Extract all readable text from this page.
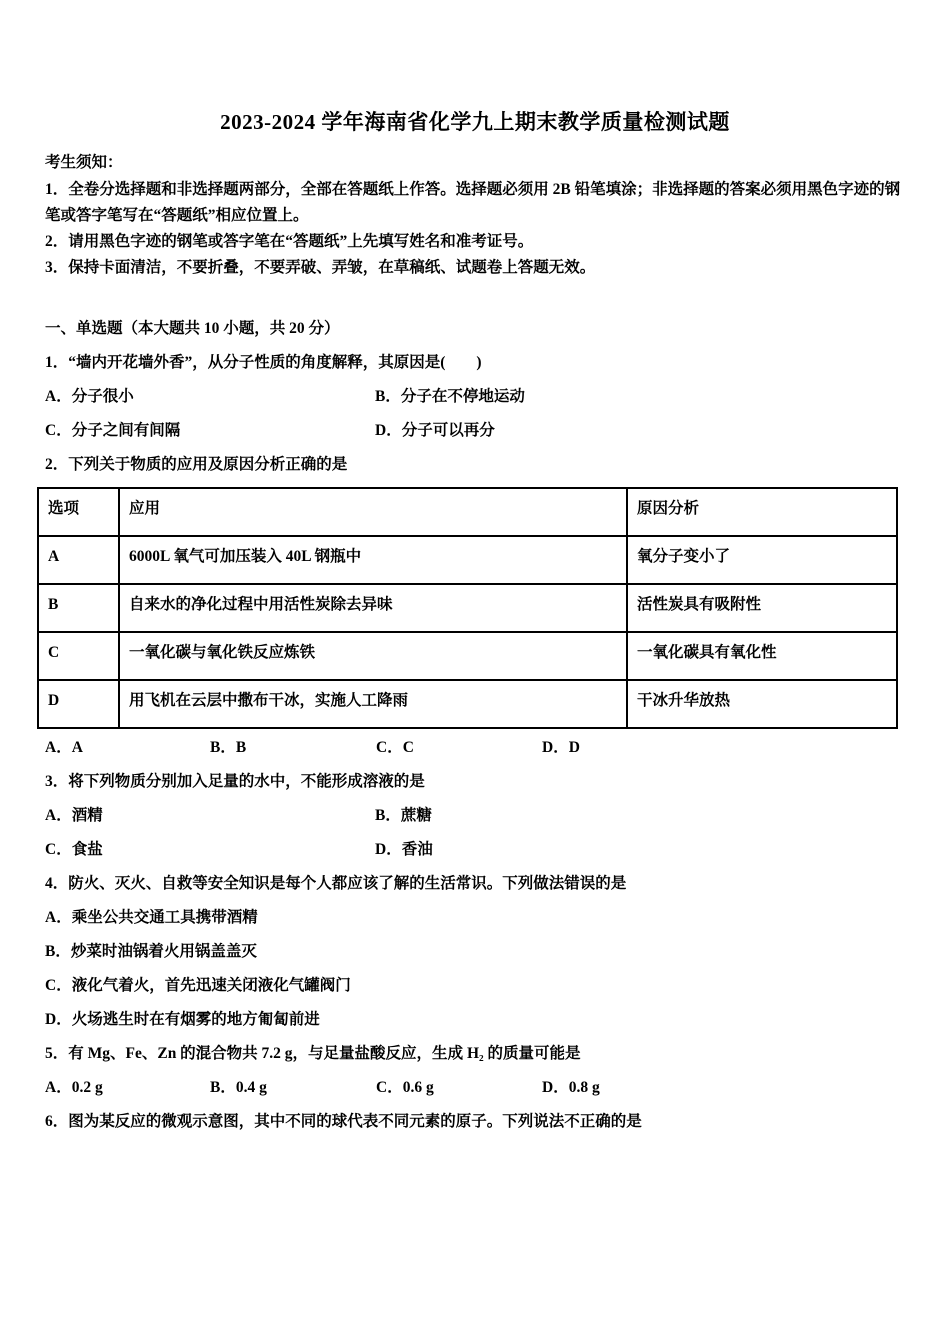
2023-2024 学年海南省化学九上期末教学质量检测试题
考生须知：
1．全卷分选择题和非选择题两部分，全部在答题纸上作答。选择题必须用 2B 铅笔填涂；非选择题的答案必须用黑色字迹的钢笔或答字笔写在“答题纸”相应位置上。
2．请用黑色字迹的钢笔或答字笔在“答题纸”上先填写姓名和准考证号。
3．保持卡面清洁，不要折叠，不要弄破、弄皱，在草稿纸、试题卷上答题无效。
一、单选题（本大题共 10 小题，共 20 分）
1．“墙内开花墙外香”，从分子性质的角度解释，其原因是(　　)
A．分子很小	B．分子在不停地运动
C．分子之间有间隔	D．分子可以再分
2．下列关于物质的应用及原因分析正确的是
选项	应用	原因分析
A	6000L 氧气可加压装入 40L 钢瓶中	氧分子变小了
B	自来水的净化过程中用活性炭除去异味	活性炭具有吸附性
C	一氧化碳与氧化铁反应炼铁	一氧化碳具有氧化性
D	用飞机在云层中撒布干冰，实施人工降雨	干冰升华放热
A．A	B．B	C．C	D．D
3．将下列物质分别加入足量的水中，不能形成溶液的是
A．酒精	B．蔗糖
C．食盐	D．香油
4．防火、灭火、自救等安全知识是每个人都应该了解的生活常识。下列做法错误的是
A．乘坐公共交通工具携带酒精
B．炒菜时油锅着火用锅盖盖灭
C．液化气着火，首先迅速关闭液化气罐阀门
D．火场逃生时在有烟雾的地方匍匐前进
5．有 Mg、Fe、Zn 的混合物共 7.2 g，与足量盐酸反应，生成 H₂ 的质量可能是
A．0.2 g	B．0.4 g	C．0.6 g	D．0.8 g
6．图为某反应的微观示意图，其中不同的球代表不同元素的原子。下列说法不正确的是
